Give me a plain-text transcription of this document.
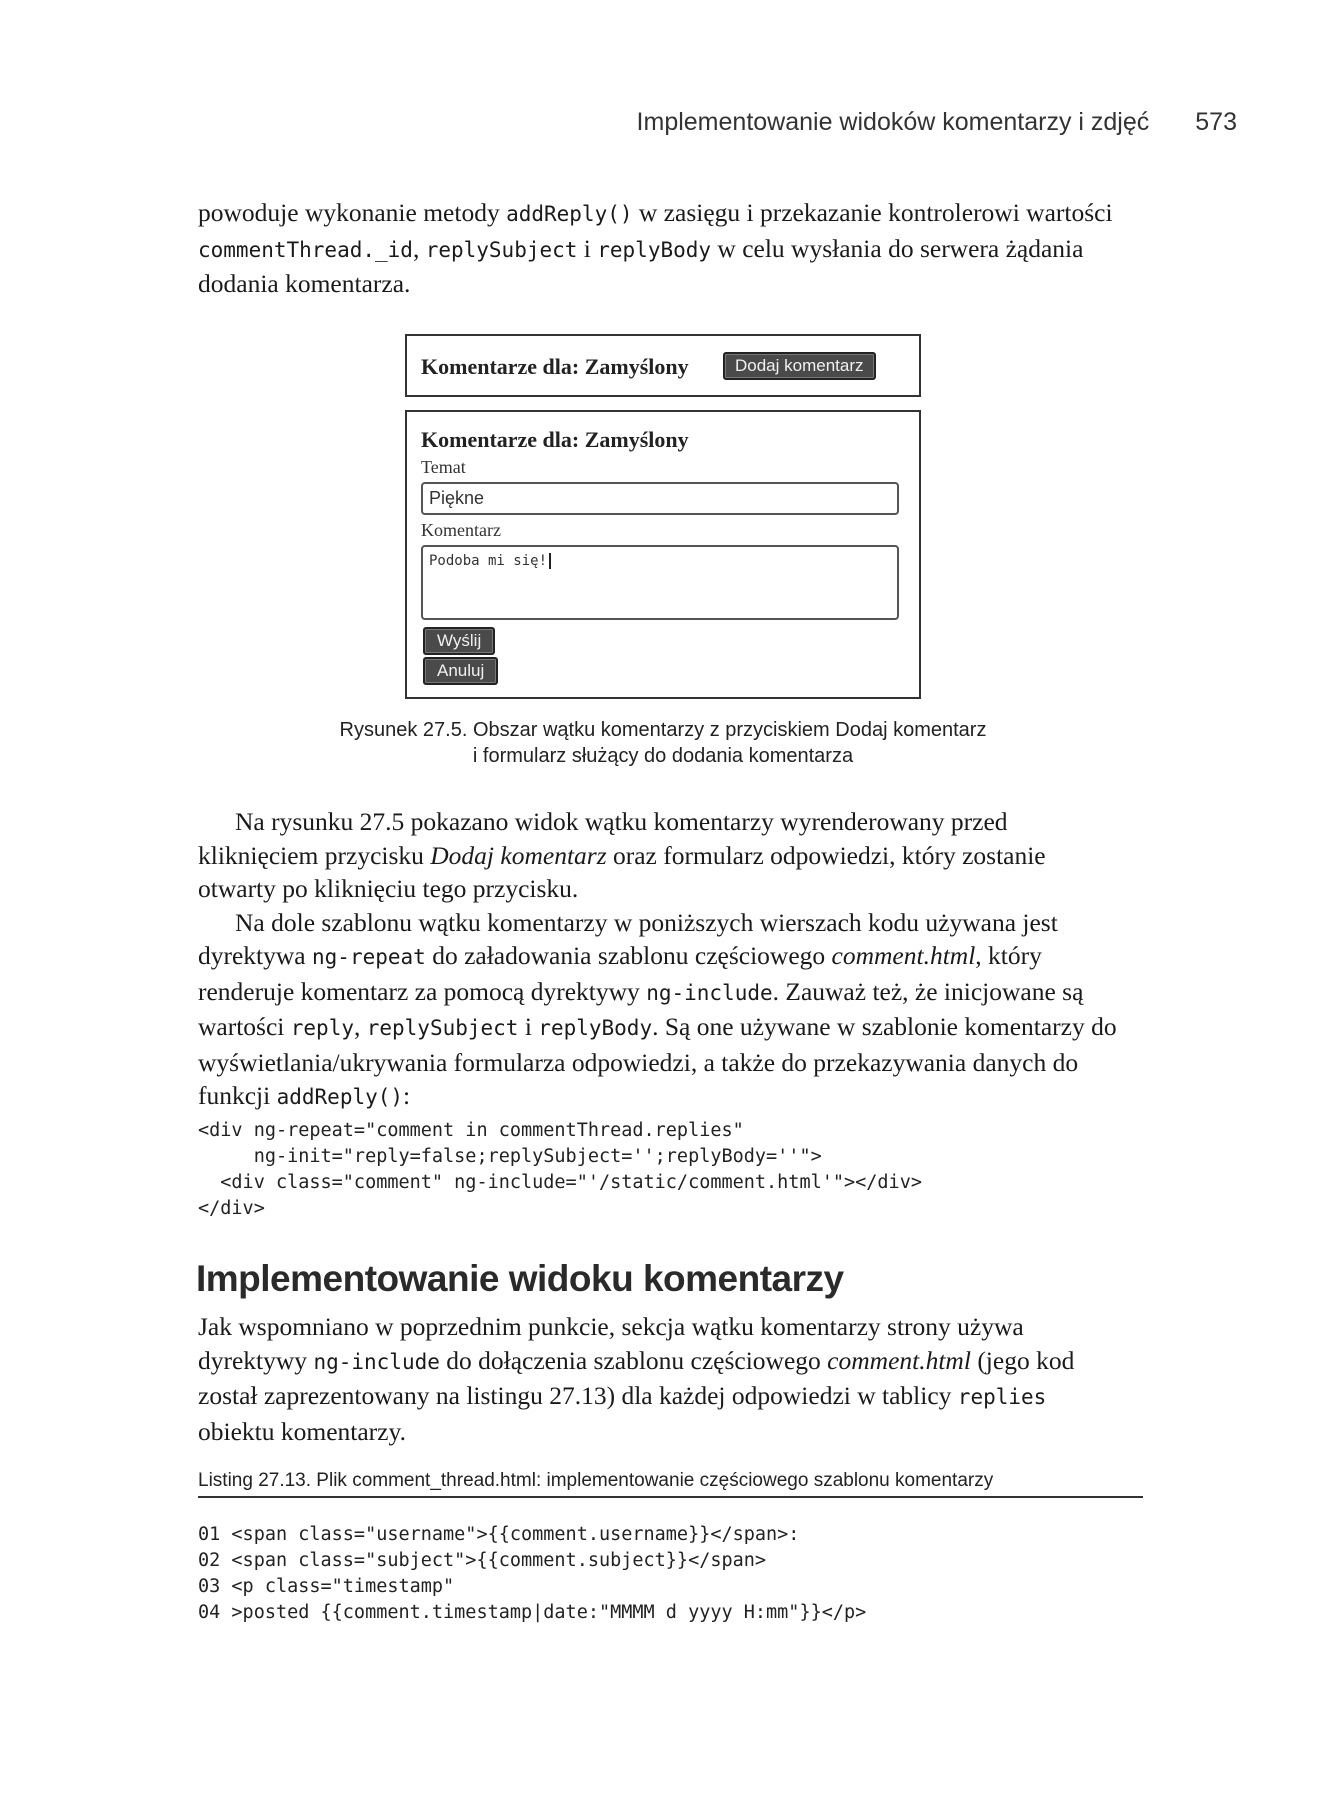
Implementowanie widoków komentarzy i zdjęć 573

powoduje wykonanie metody addReply() w zasięgu i przekazanie kontrolerowi wartości commentThread._id, replySubject i replyBody w celu wysłania do serwera żądania dodania komentarza.

Komentarze dla: Zamyślony	Dodaj komentarz
Komentarze dla: Zamyślony
Temat
Piękne
Komentarz
Podoba mi się!
Wyślij
Anuluj
Rysunek 27.5. Obszar wątku komentarzy z przyciskiem Dodaj komentarz
i formularz służący do dodania komentarza

Na rysunku 27.5 pokazano widok wątku komentarzy wyrenderowany przed kliknięciem przycisku Dodaj komentarz oraz formularz odpowiedzi, który zostanie otwarty po kliknięciu tego przycisku.

Na dole szablonu wątku komentarzy w poniższych wierszach kodu używana jest dyrektywa ng-repeat do załadowania szablonu częściowego comment.html, który renderuje komentarz za pomocą dyrektywy ng-include. Zauważ też, że inicjowane są wartości reply, replySubject i replyBody. Są one używane w szablonie komentarzy do wyświetlania/ukrywania formularza odpowiedzi, a także do przekazywania danych do funkcji addReply():

<div ng-repeat="comment in commentThread.replies"
ng-init="reply=false;replySubject='';replyBody=''">
<div class="comment" ng-include="'/static/comment.html'"></div>
</div>
Implementowanie widoku komentarzy

Jak wspomniano w poprzednim punkcie, sekcja wątku komentarzy strony używa dyrektywy ng-include do dołączenia szablonu częściowego comment.html (jego kod został zaprezentowany na listingu 27.13) dla każdej odpowiedzi w tablicy replies obiektu komentarzy.

Listing 27.13. Plik comment_thread.html: implementowanie częściowego szablonu komentarzy
01 <span class="username">{{comment.username}}</span>:
02 <span class="subject">{{comment.subject}}</span>
03 <p class="timestamp"
04 >posted {{comment.timestamp|date:"MMMM d yyyy H:mm"}}</p>
